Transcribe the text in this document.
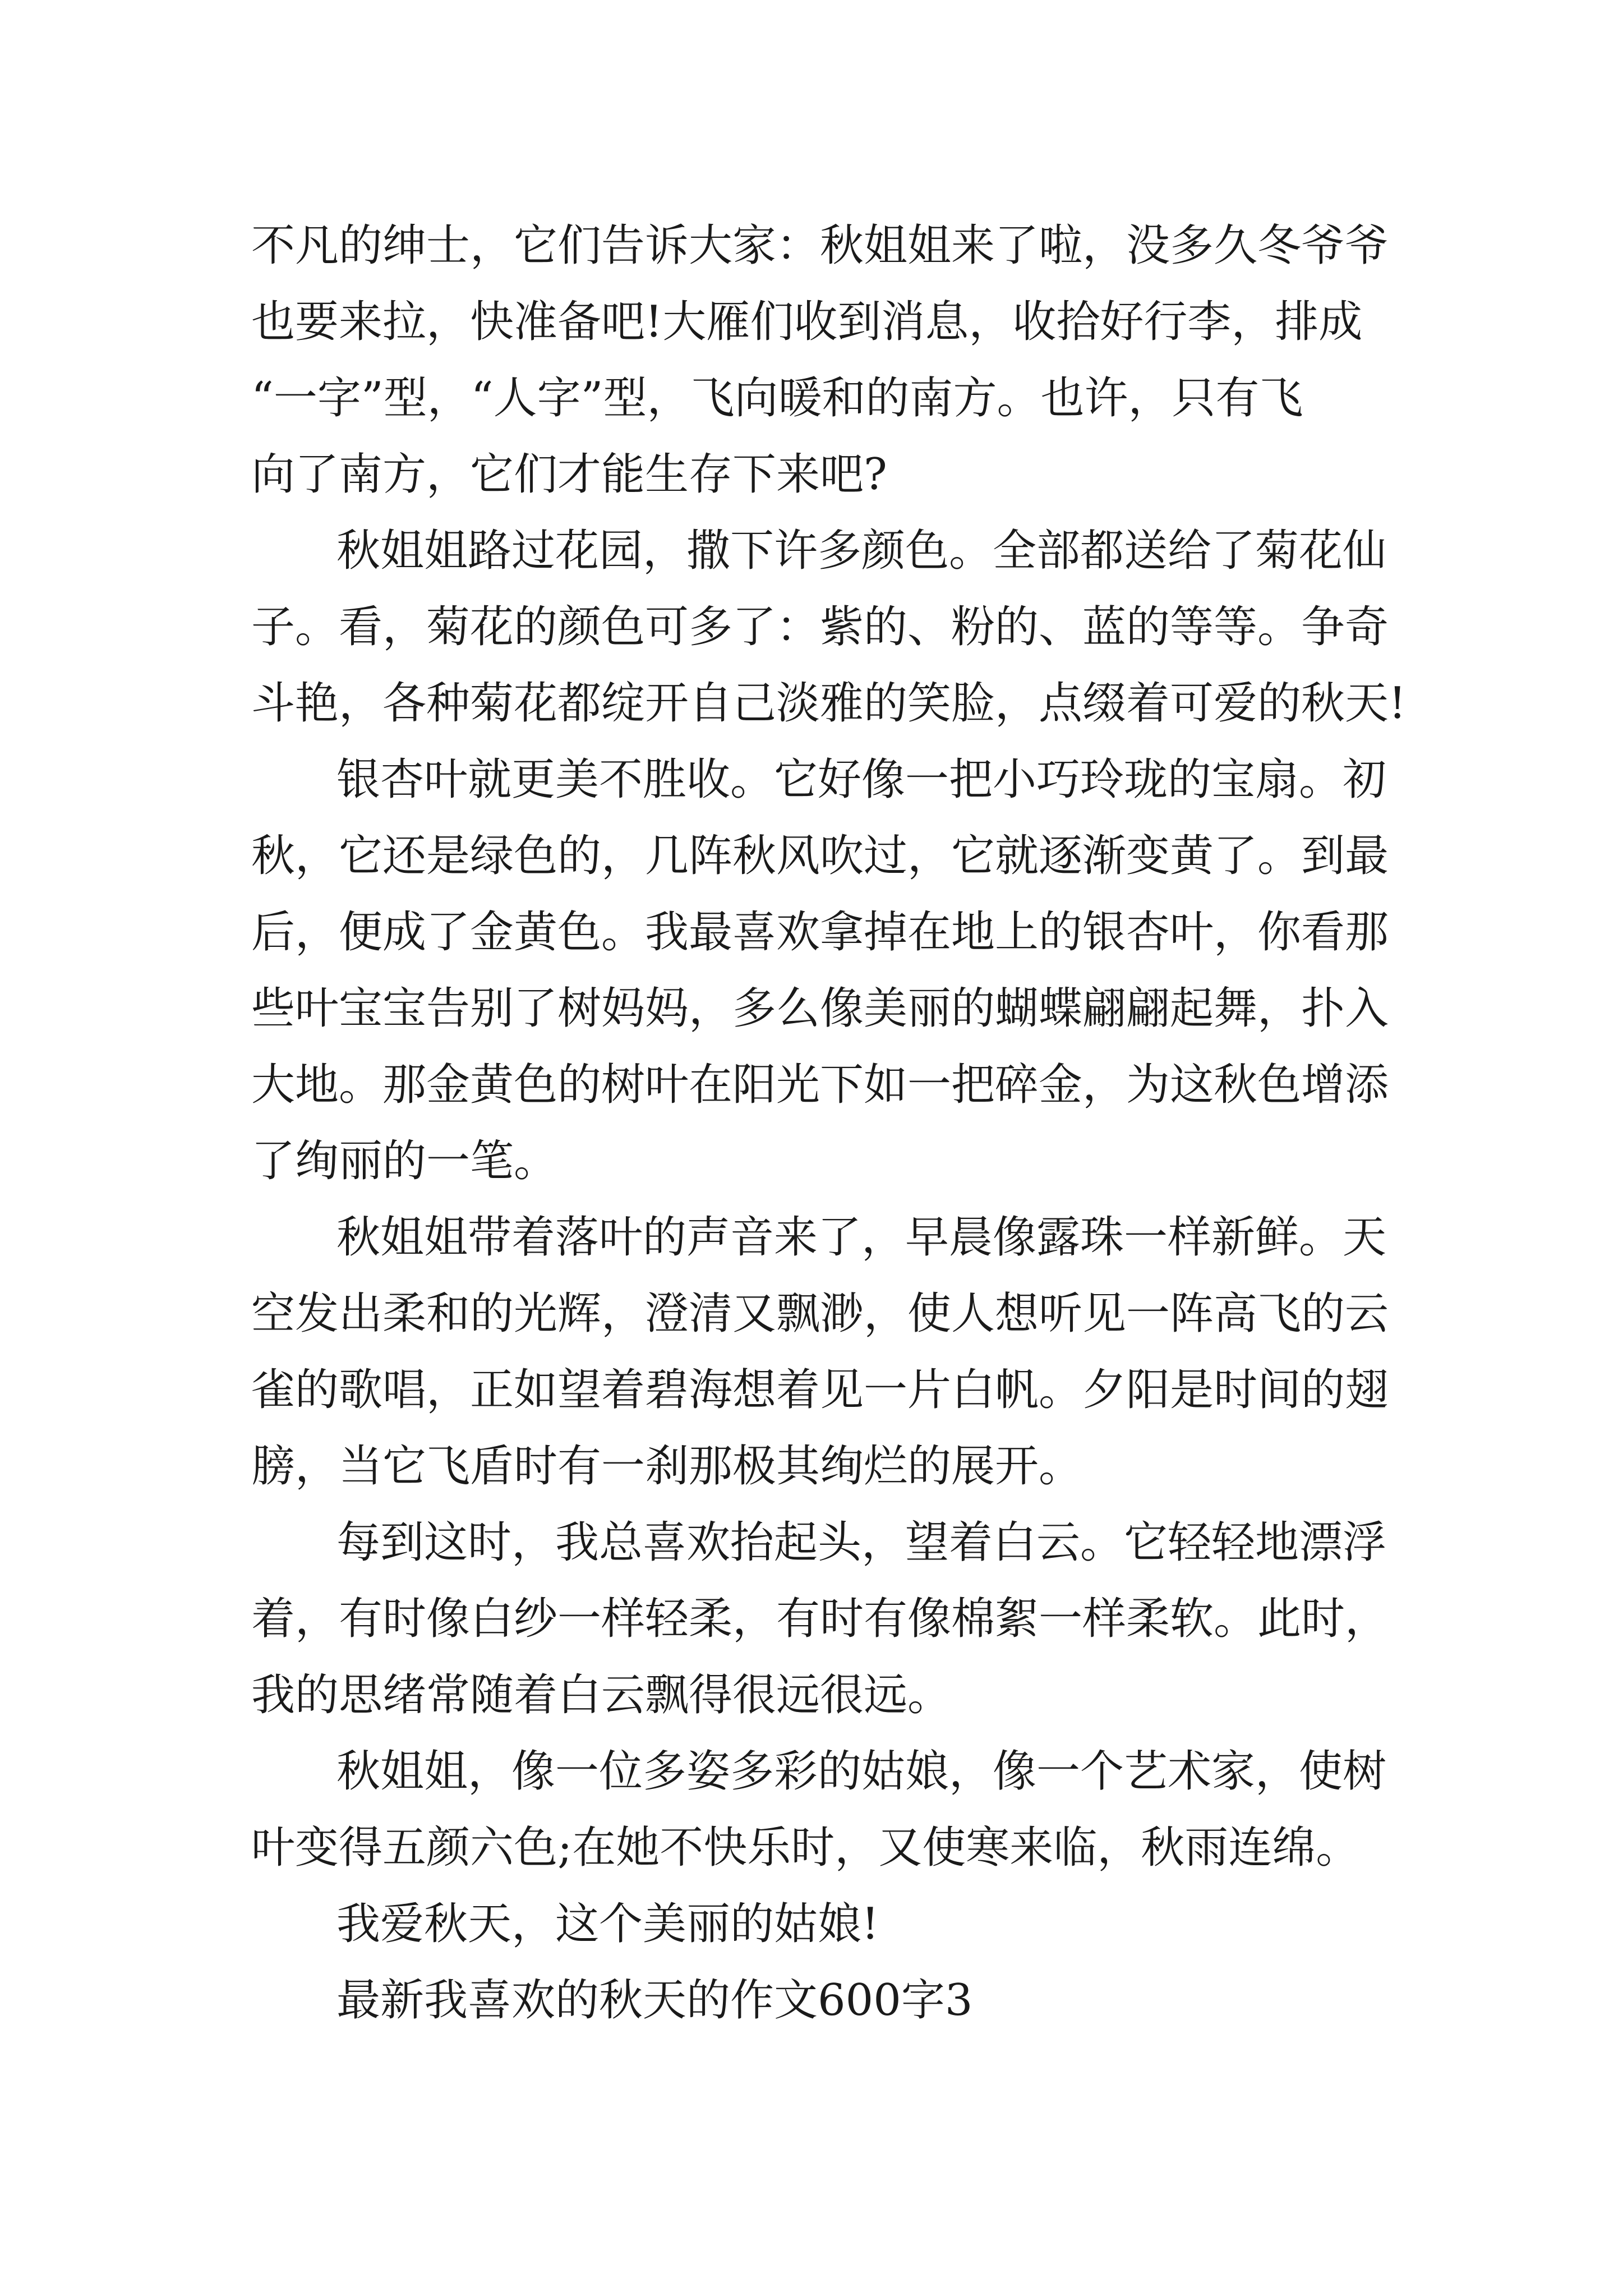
不凡的绅士，它们告诉大家：秋姐姐来了啦，没多久冬爷爷
也要来拉，快准备吧!大雁们收到消息，收拾好行李，排成
“一字”型，“人字”型，飞向暖和的南方。也许，只有飞
向了南方，它们才能生存下来吧?
秋姐姐路过花园，撒下许多颜色。全部都送给了菊花仙
子。看，菊花的颜色可多了：紫的、粉的、蓝的等等。争奇
斗艳，各种菊花都绽开自己淡雅的笑脸，点缀着可爱的秋天!
银杏叶就更美不胜收。它好像一把小巧玲珑的宝扇。初
秋，它还是绿色的，几阵秋风吹过，它就逐渐变黄了。到最
后，便成了金黄色。我最喜欢拿掉在地上的银杏叶，你看那
些叶宝宝告别了树妈妈，多么像美丽的蝴蝶翩翩起舞，扑入
大地。那金黄色的树叶在阳光下如一把碎金，为这秋色增添
了绚丽的一笔。
秋姐姐带着落叶的声音来了，早晨像露珠一样新鲜。天
空发出柔和的光辉，澄清又飘渺，使人想听见一阵高飞的云
雀的歌唱，正如望着碧海想着见一片白帆。夕阳是时间的翅
膀，当它飞盾时有一刹那极其绚烂的展开。
每到这时，我总喜欢抬起头，望着白云。它轻轻地漂浮
着，有时像白纱一样轻柔，有时有像棉絮一样柔软。此时，
我的思绪常随着白云飘得很远很远。
秋姐姐，像一位多姿多彩的姑娘，像一个艺术家，使树
叶变得五颜六色;在她不快乐时，又使寒来临，秋雨连绵。
我爱秋天，这个美丽的姑娘!
最新我喜欢的秋天的作文600字3
